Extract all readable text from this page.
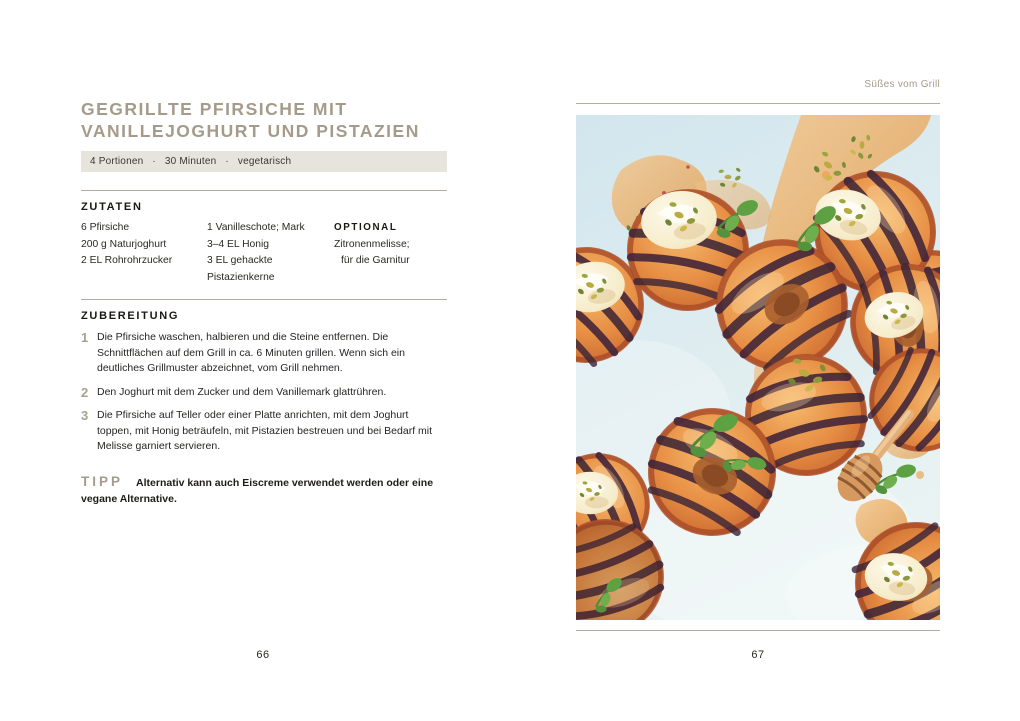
GEGRILLTE PFIRSICHE MIT VANILLEJOGHURT UND PISTAZIEN
4 Portionen · 30 Minuten · vegetarisch
ZUTATEN
6 Pfirsiche
200 g Naturjoghurt
2 EL Rohrohrzucker
1 Vanilleschote; Mark
3–4 EL Honig
3 EL gehackte Pistazienkerne
OPTIONAL
Zitronenmelisse;
für die Garnitur
ZUBEREITUNG
1 Die Pfirsiche waschen, halbieren und die Steine entfernen. Die Schnittflächen auf dem Grill in ca. 6 Minuten grillen. Wenn sich ein deutliches Grillmuster abzeichnet, vom Grill nehmen.
2 Den Joghurt mit dem Zucker und dem Vanillemark glattrühren.
3 Die Pfirsiche auf Teller oder einer Platte anrichten, mit dem Joghurt toppen, mit Honig beträufeln, mit Pistazien bestreuen und bei Bedarf mit Melisse garniert servieren.
TIPP Alternativ kann auch Eiscreme verwendet werden oder eine vegane Alternative.
66
Süßes vom Grill
67
